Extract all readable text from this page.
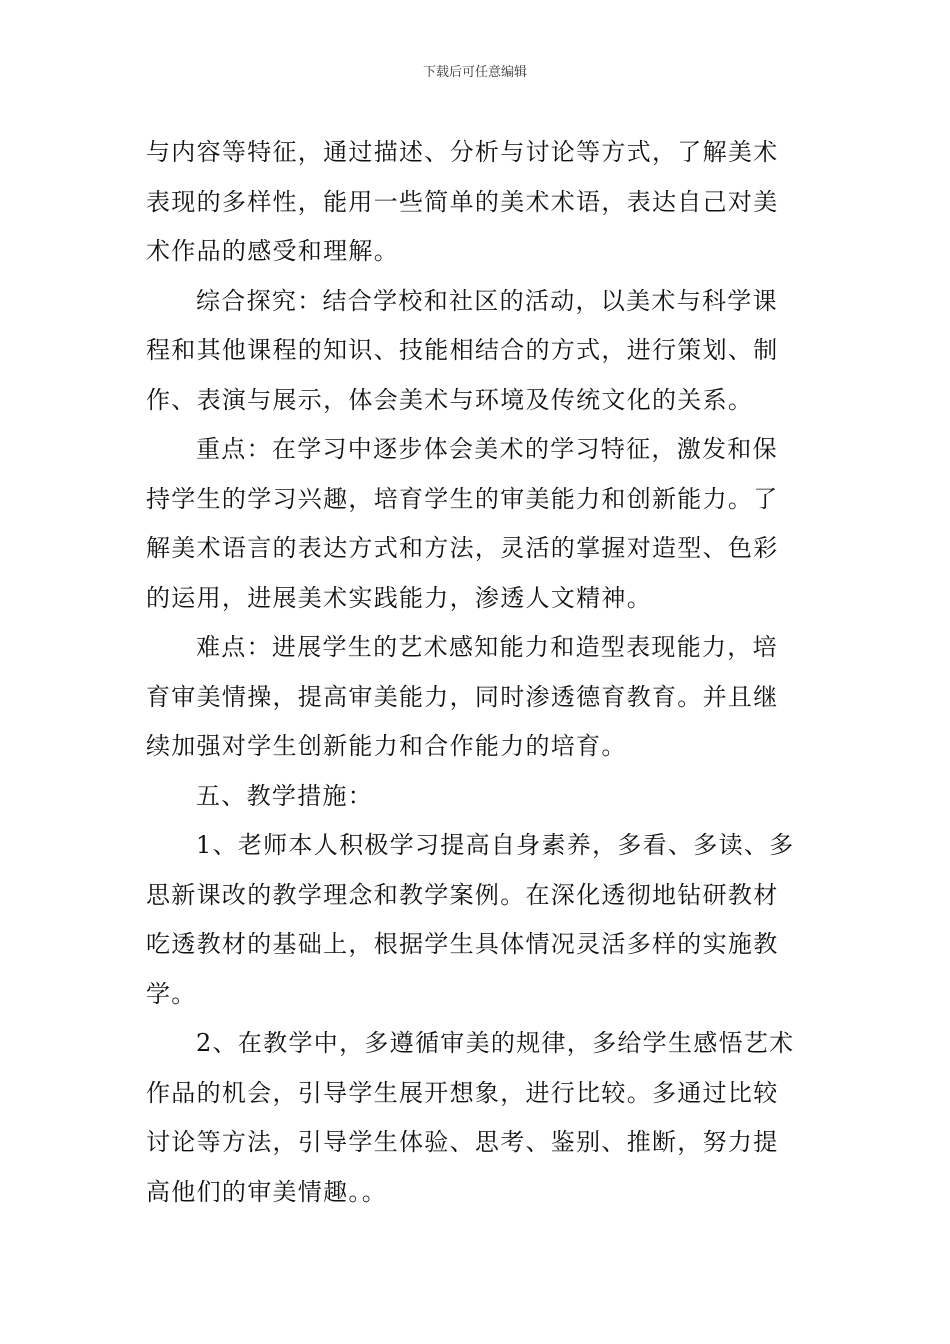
下载后可任意编辑
与内容等特征，通过描述、分析与讨论等方式，了解美术
表现的多样性，能用一些简单的美术术语，表达自己对美
术作品的感受和理解。
综合探究：结合学校和社区的活动，以美术与科学课
程和其他课程的知识、技能相结合的方式，进行策划、制
作、表演与展示，体会美术与环境及传统文化的关系。
重点：在学习中逐步体会美术的学习特征，激发和保
持学生的学习兴趣，培育学生的审美能力和创新能力。了
解美术语言的表达方式和方法，灵活的掌握对造型、色彩
的运用，进展美术实践能力，渗透人文精神。
难点：进展学生的艺术感知能力和造型表现能力，培
育审美情操，提高审美能力，同时渗透德育教育。并且继
续加强对学生创新能力和合作能力的培育。
五、教学措施：
1、老师本人积极学习提高自身素养，多看、多读、多
思新课改的教学理念和教学案例。在深化透彻地钻研教材
吃透教材的基础上，根据学生具体情况灵活多样的实施教
学。
2、在教学中，多遵循审美的规律，多给学生感悟艺术
作品的机会，引导学生展开想象，进行比较。多通过比较
讨论等方法，引导学生体验、思考、鉴别、推断，努力提
高他们的审美情趣。。
